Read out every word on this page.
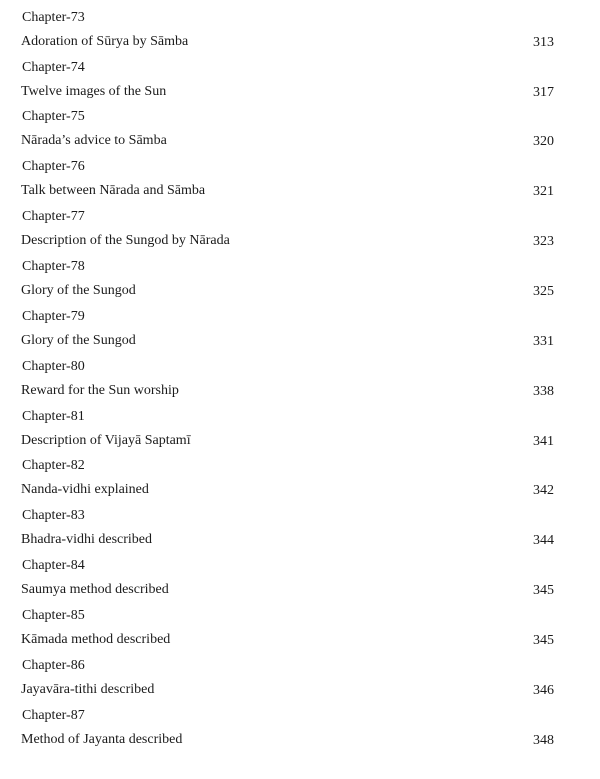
Chapter-73
Adoration of Sūrya by Sāmba	313
Chapter-74
Twelve images of the Sun	317
Chapter-75
Nārada’s advice to Sāmba	320
Chapter-76
Talk between Nārada and Sāmba	321
Chapter-77
Description of the Sungod by Nārada	323
Chapter-78
Glory of the Sungod	325
Chapter-79
Glory of the Sungod	331
Chapter-80
Reward for the Sun worship	338
Chapter-81
Description of Vijayā Saptamī	341
Chapter-82
Nanda-vidhi explained	342
Chapter-83
Bhadra-vidhi described	344
Chapter-84
Saumya method described	345
Chapter-85
Kāmada method described	345
Chapter-86
Jayavāra-tithi described	346
Chapter-87
Method of Jayanta described	348
